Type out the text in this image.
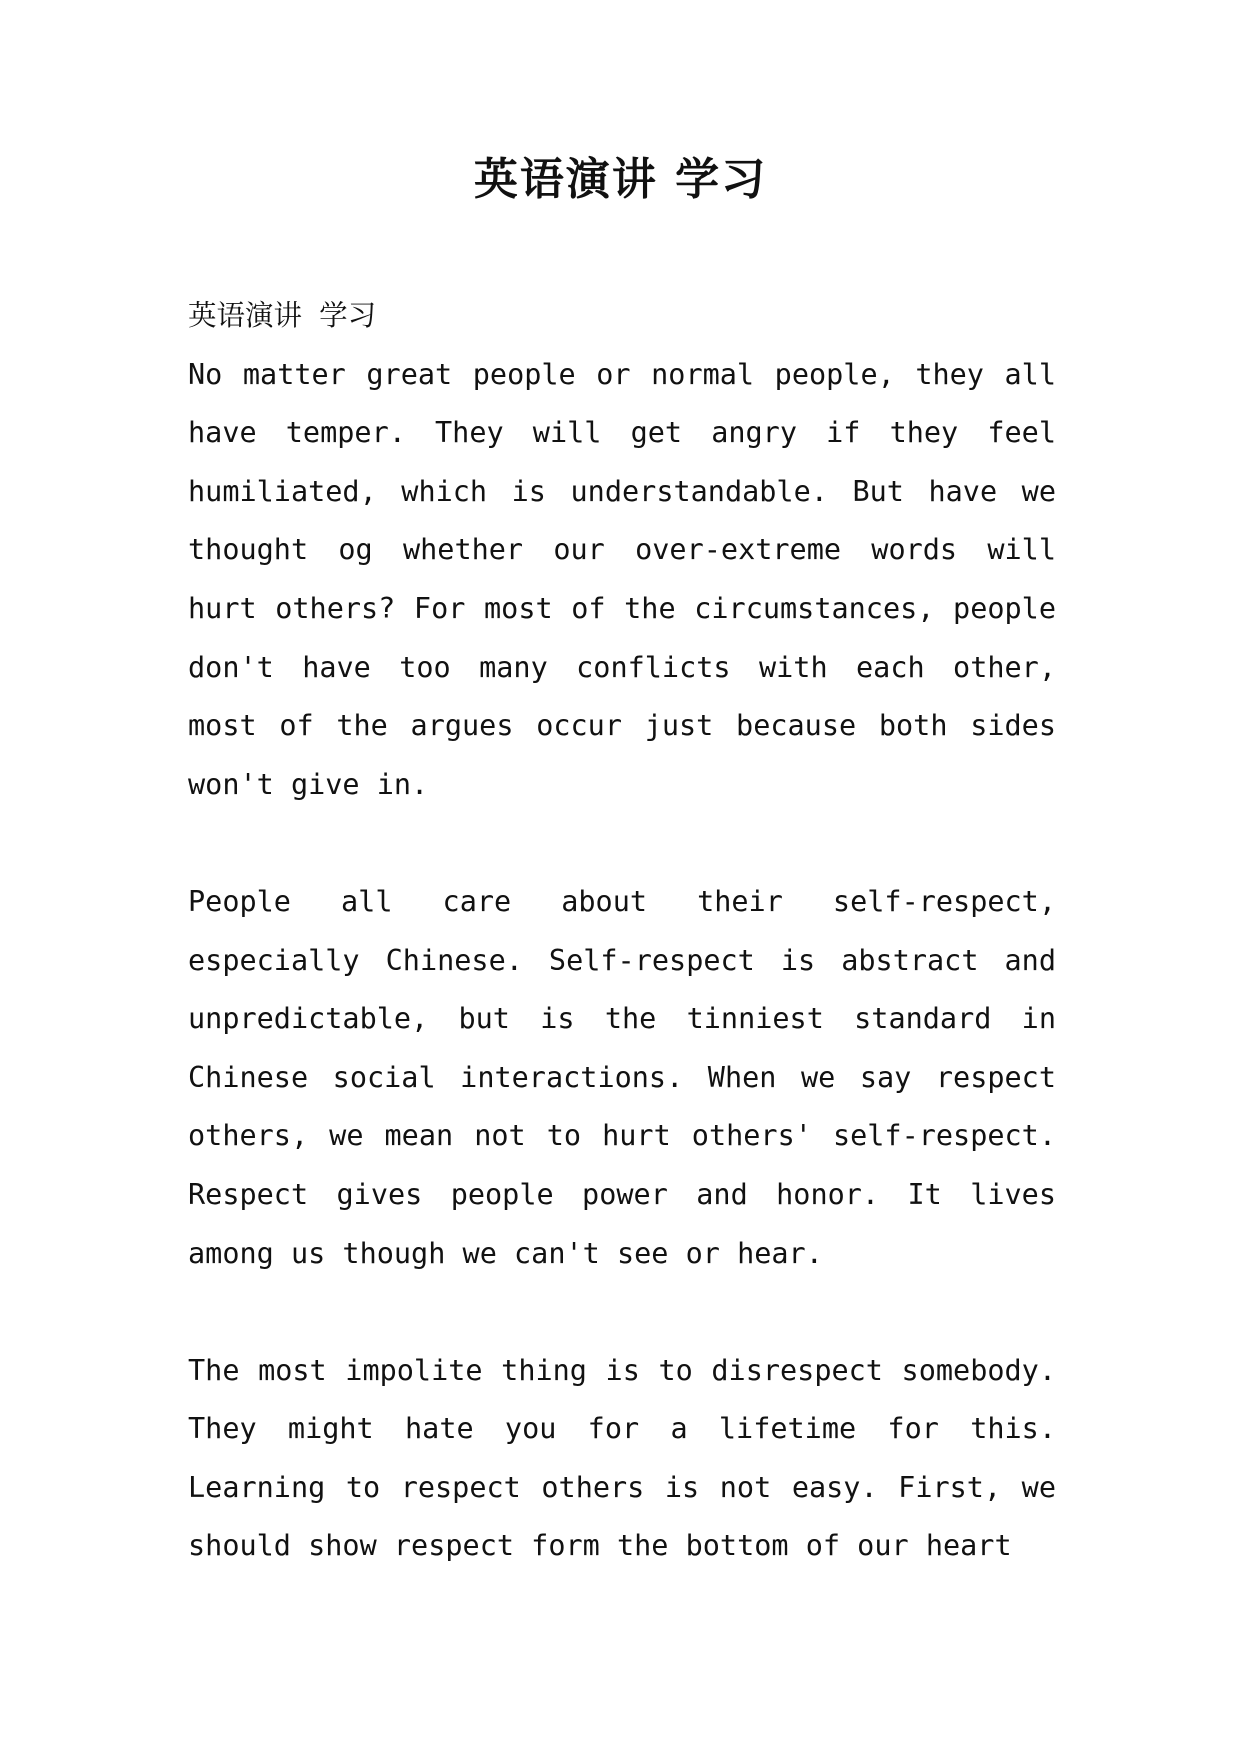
英语演讲 学习

英语演讲 学习

No matter great people or normal people, they all have temper. They will get angry if they feel humiliated, which is understandable. But have we thought og whether our over-extreme words will hurt others? For most of the circumstances, people don't have too many conflicts with each other, most of the argues occur just because both sides won't give in.

People all care about their self-respect, especially Chinese. Self-respect is abstract and unpredictable, but is the tinniest standard in Chinese social interactions. When we say respect others, we mean not to hurt others' self-respect. Respect gives people power and honor. It lives among us though we can't see or hear.

The most impolite thing is to disrespect somebody. They might hate you for a lifetime for this. Learning to respect others is not easy. First, we should show respect form the bottom of our heart
